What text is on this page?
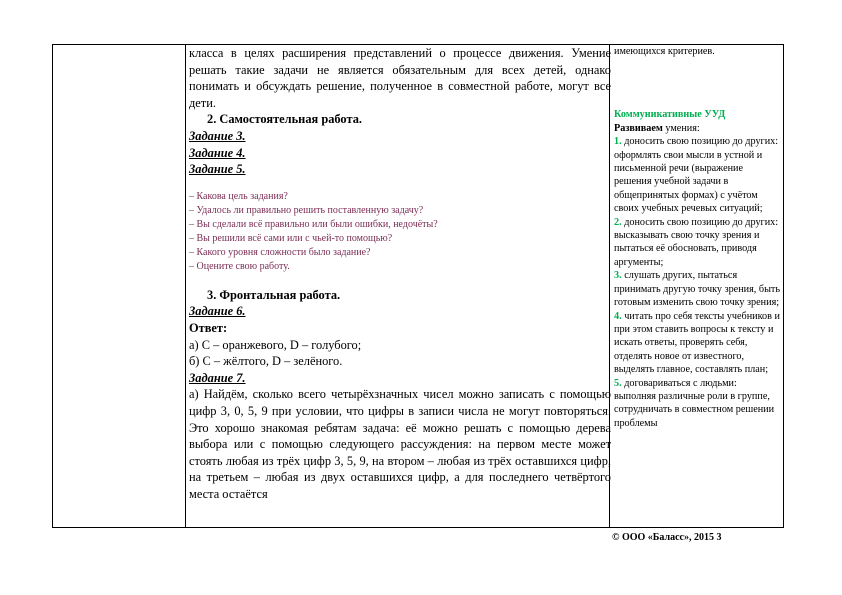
класса в целях расширения представлений о процессе движения. Умение решать такие задачи не является обязательным для всех детей, однако понимать и обсуждать решение, полученное в совместной работе, могут все дети.

2. Самостоятельная работа.

Задание 3.

Задание 4.

Задание 5.

– Какова цель задания?

– Удалось ли правильно решить поставленную задачу?

– Вы сделали всё правильно или были ошибки, недочёты?

– Вы решили всё сами или с чьей-то помощью?

– Какого уровня сложности было задание?

– Оцените свою работу.

3. Фронтальная работа.

Задание 6.

Ответ:

а) C – оранжевого, D – голубого;

б) C – жёлтого, D – зелёного.

Задание 7.

а) Найдём, сколько всего четырёхзначных чисел можно записать с помощью цифр 3, 0, 5, 9 при условии, что цифры в записи числа не могут повторяться. Это хорошо знакомая ребятам задача: её можно решать с помощью дерева выбора или с помощью следующего рассуждения: на первом месте может стоять любая из трёх цифр 3, 5, 9, на втором – любая из трёх оставшихся цифр, на третьем – любая из двух оставшихся цифр, а для последнего четвёртого места остаётся

имеющихся критериев.

Коммуникативные УУД

Развиваем умения:

1. доносить свою позицию до других: оформлять свои мысли в устной и письменной речи (выражение решения учебной задачи в общепринятых формах) с учётом своих учебных речевых ситуаций;

2. доносить свою позицию до других: высказывать свою точку зрения и пытаться её обосновать, приводя аргументы;

3. слушать других, пытаться принимать другую точку зрения, быть готовым изменить свою точку зрения;

4. читать про себя тексты учебников и при этом ставить вопросы к тексту и искать ответы, проверять себя, отделять новое от известного, выделять главное, составлять план;

5. договариваться с людьми: выполняя различные роли в группе, сотрудничать в совместном решении проблемы

© ООО «Баласс», 2015 3
